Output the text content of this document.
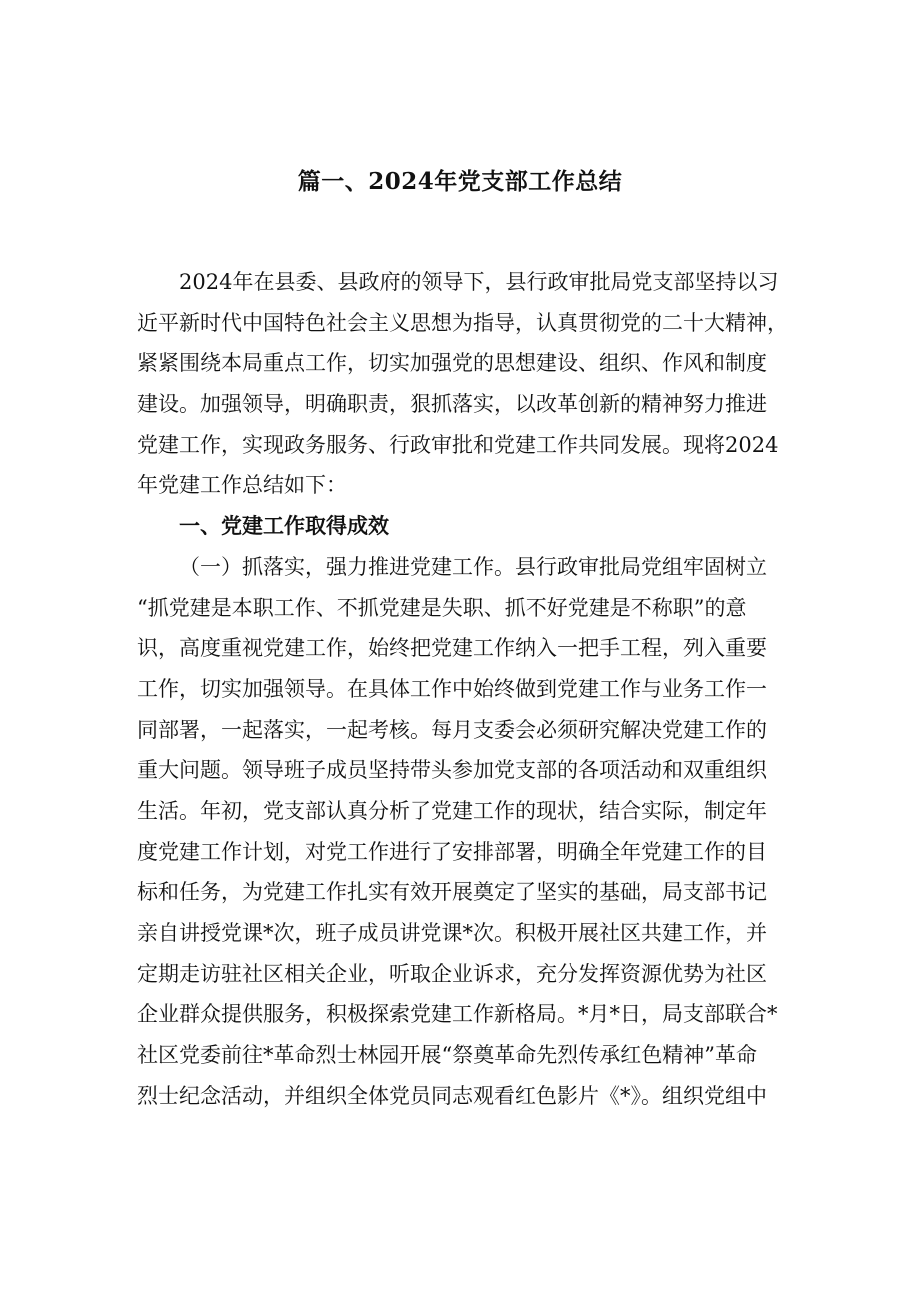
篇一、2024年党支部工作总结
2024年在县委、县政府的领导下，县行政审批局党支部坚持以习
近平新时代中国特色社会主义思想为指导，认真贯彻党的二十大精神，
紧紧围绕本局重点工作，切实加强党的思想建设、组织、作风和制度
建设。加强领导，明确职责，狠抓落实，以改革创新的精神努力推进
党建工作，实现政务服务、行政审批和党建工作共同发展。现将2024
年党建工作总结如下：
一、党建工作取得成效
（一）抓落实，强力推进党建工作。县行政审批局党组牢固树立
“抓党建是本职工作、不抓党建是失职、抓不好党建是不称职”的意
识，高度重视党建工作，始终把党建工作纳入一把手工程，列入重要
工作，切实加强领导。在具体工作中始终做到党建工作与业务工作一
同部署，一起落实，一起考核。每月支委会必须研究解决党建工作的
重大问题。领导班子成员坚持带头参加党支部的各项活动和双重组织
生活。年初，党支部认真分析了党建工作的现状，结合实际，制定年
度党建工作计划，对党工作进行了安排部署，明确全年党建工作的目
标和任务，为党建工作扎实有效开展奠定了坚实的基础，局支部书记
亲自讲授党课*次，班子成员讲党课*次。积极开展社区共建工作，并
定期走访驻社区相关企业，听取企业诉求，充分发挥资源优势为社区
企业群众提供服务，积极探索党建工作新格局。*月*日，局支部联合*
社区党委前往*革命烈士林园开展“祭奠革命先烈传承红色精神”革命
烈士纪念活动，并组织全体党员同志观看红色影片《*》。组织党组中
